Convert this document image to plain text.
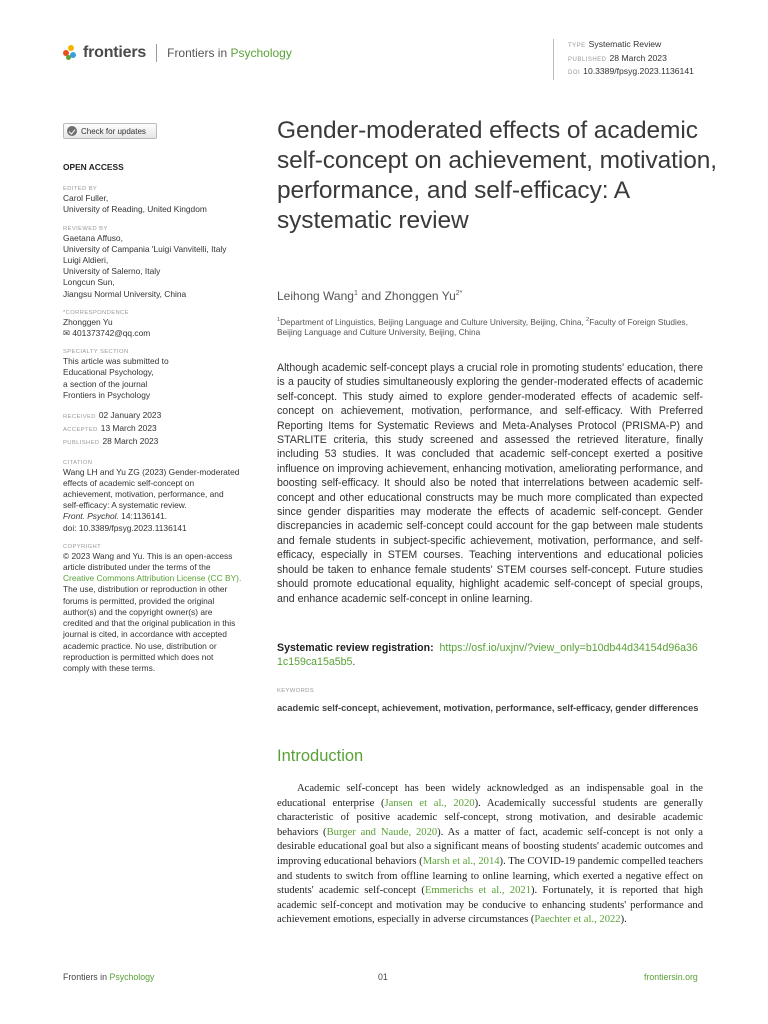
frontiers Frontiers in Psychology	TYPE Systematic Review
PUBLISHED 28 March 2023
DOI 10.3389/fpsyg.2023.1136141
Check for updates
OPEN ACCESS
EDITED BY
Carol Fuller,
University of Reading, United Kingdom
REVIEWED BY
Gaetana Affuso,
University of Campania 'Luigi Vanvitelli, Italy
Luigi Aldieri,
University of Salerno, Italy
Longcun Sun,
Jiangsu Normal University, China
*CORRESPONDENCE
Zhonggen Yu
✉ 401373742@qq.com
SPECIALTY SECTION
This article was submitted to
Educational Psychology,
a section of the journal
Frontiers in Psychology
RECEIVED 02 January 2023
ACCEPTED 13 March 2023
PUBLISHED 28 March 2023
CITATION
Wang LH and Yu ZG (2023) Gender-moderated
effects of academic self-concept on
achievement, motivation, performance, and
self-efficacy: A systematic review.
Front. Psychol. 14:1136141.
doi: 10.3389/fpsyg.2023.1136141
COPYRIGHT
© 2023 Wang and Yu. This is an open-access
article distributed under the terms of the
Creative Commons Attribution License (CC BY).
The use, distribution or reproduction in other
forums is permitted, provided the original
author(s) and the copyright owner(s) are
credited and that the original publication in this
journal is cited, in accordance with accepted
academic practice. No use, distribution or
reproduction is permitted which does not
comply with these terms.
Gender-moderated effects of academic self-concept on achievement, motivation, performance, and self-efficacy: A systematic review
Leihong Wang$^1$ and Zhonggen $Yu^{2*}$
$^1$Department of Linguistics, Beijing Language and Culture University, Beijing, China, $^2$Faculty of Foreign Studies, Beijing Language and Culture University, Beijing, China

Although academic self-concept plays a crucial role in promoting students' education, there is a paucity of studies simultaneously exploring the gender-moderated effects of academic self-concept. This study aimed to explore gender-moderated effects of academic self-concept on achievement, motivation, performance, and self-efficacy. With Preferred Reporting Items for Systematic Reviews and Meta-Analyses Protocol (PRISMA-P) and STARLITE criteria, this study screened and assessed the retrieved literature, finally including 53 studies. It was concluded that academic self-concept exerted a positive influence on improving achievement, enhancing motivation, ameliorating performance, and boosting self-efficacy. It should also be noted that interrelations between academic self-concept and other educational constructs may be much more complicated than expected since gender disparities may moderate the effects of academic self-concept. Gender discrepancies in academic self-concept could account for the gap between male students and female students in subject-specific achievement, motivation, performance, and self-efficacy, especially in STEM courses. Teaching interventions and educational policies should be taken to enhance female students' STEM courses self-concept. Future studies should promote educational equality, highlight academic self-concept of special groups, and enhance academic self-concept in online learning.

Systematic review registration: https://osf.io/uxjnv/?view_only=b10db44d34154d96a361c159ca15a5b5.
KEYWORDS
academic self-concept, achievement, motivation, performance, self-efficacy, gender differences
Introduction

Academic self-concept has been widely acknowledged as an indispensable goal in the educational enterprise (Jansen et al., 2020). Academically successful students are generally characteristic of positive academic self-concept, strong motivation, and desirable academic behaviors (Burger and Naude, 2020). As a matter of fact, academic self-concept is not only a desirable educational goal but also a significant means of boosting students' academic outcomes and improving educational behaviors (Marsh et al., 2014). The COVID-19 pandemic compelled teachers and students to switch from offline learning to online learning, which exerted a negative effect on students' academic self-concept (Emmerichs et al., 2021). Fortunately, it is reported that high academic self-concept and motivation may be conducive to enhancing students' performance and achievement emotions, especially in adverse circumstances (Paechter et al., 2022).

Frontiers in Psychology	01	frontiersin.org
